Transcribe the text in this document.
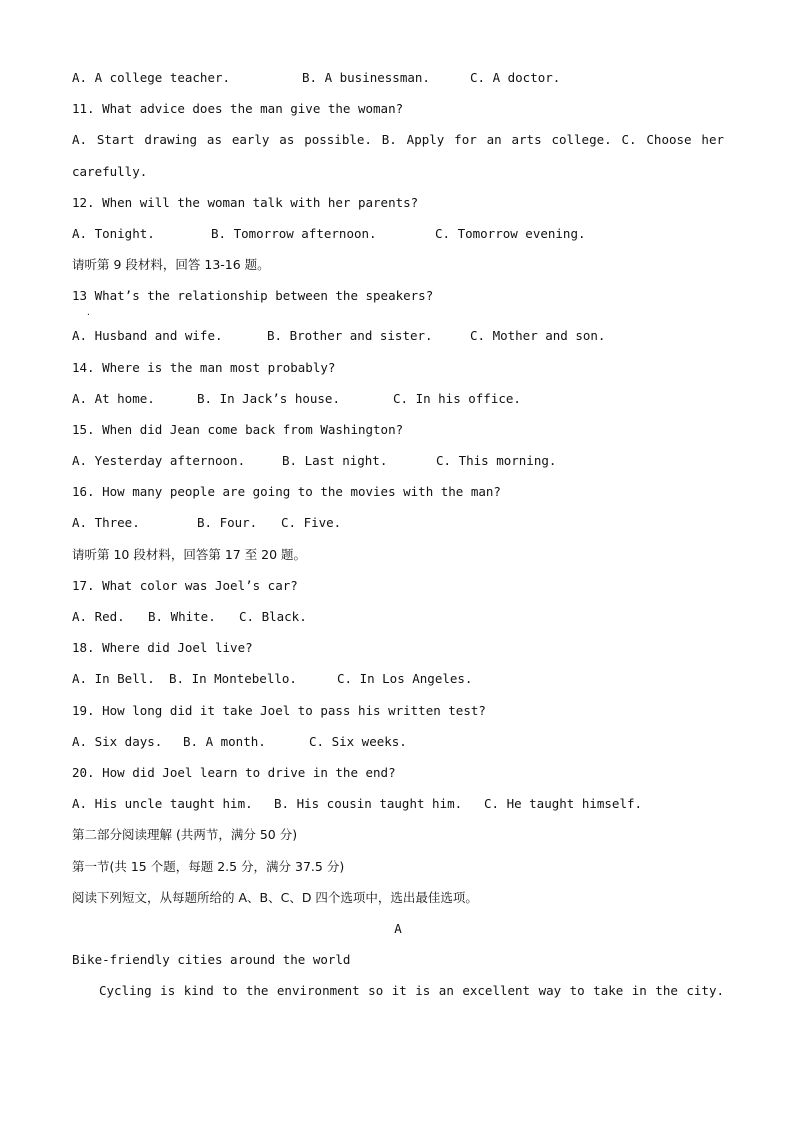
A. A college teacher.	B. A businessman.	C. A doctor.
11. What advice does the man give the woman?
A. Start drawing as early as possible. B. Apply for an arts college. C. Choose her
carefully.
12. When will the woman talk with her parents?
A. Tonight.	B. Tomorrow afternoon.	C. Tomorrow evening.
请听第 9 段材料，回答 13-16 题。
13 What’s the relationship between the speakers?
·
A. Husband and wife.	B. Brother and sister.	C. Mother and son.
14. Where is the man most probably?
A. At home.	B. In Jack’s house.	C. In his office.
15. When did Jean come back from Washington?
A. Yesterday afternoon.	B. Last night.	C. This morning.
16. How many people are going to the movies with the man?
A. Three.	B. Four.	C. Five.
请听第 10 段材料，回答第 17 至 20 题。
17. What color was Joel’s car?
A. Red.	B. White.	C. Black.
18. Where did Joel live?
A. In Bell.	B. In Montebello.	C. In Los Angeles.
19. How long did it take Joel to pass his written test?
A. Six days.	B. A month.	C. Six weeks.
20. How did Joel learn to drive in the end?
A. His uncle taught him.	B. His cousin taught him.	C. He taught himself.
第二部分阅读理解 (共两节，满分 50 分)
第一节(共 15 个题，每题 2.5 分，满分 37.5 分)
阅读下列短文，从每题所给的 A、B、C、D 四个选项中，选出最佳选项。
A
Bike-friendly cities around the world
Cycling is kind to the environment so it is an excellent way to take in the city.
